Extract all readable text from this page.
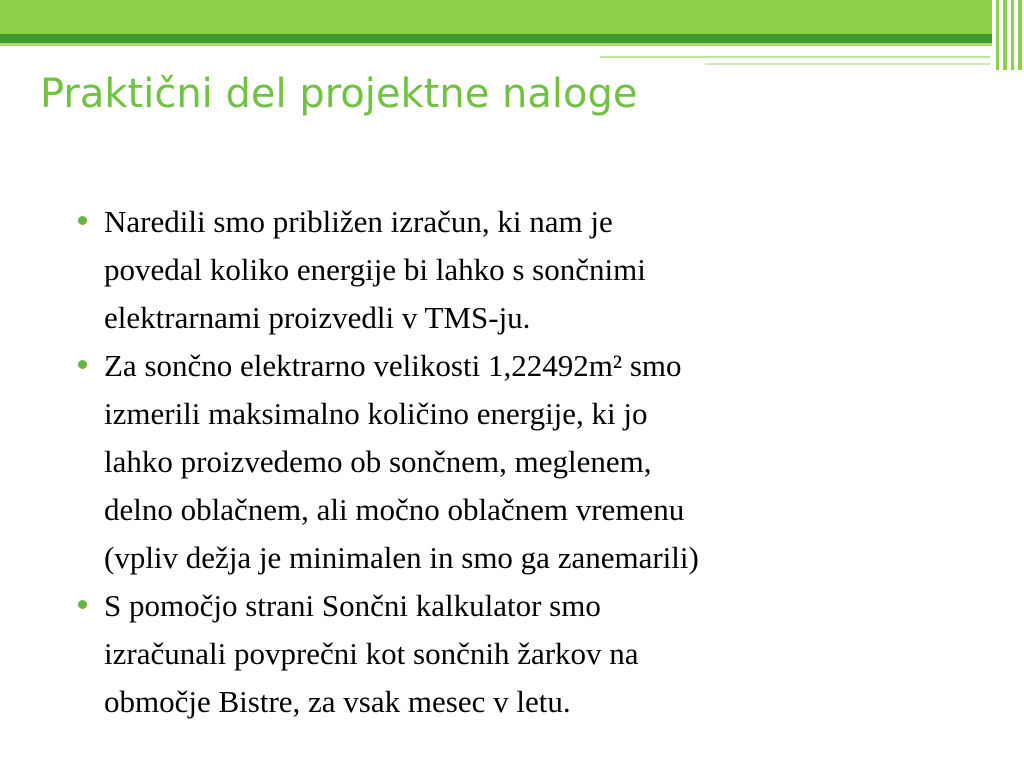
Praktični del projektne naloge
Naredili smo približen izračun, ki nam je
povedal koliko energije bi lahko s sončnimi
elektrarnami proizvedli v TMS-ju.
Za sončno elektrarno velikosti 1,22492m² smo
izmerili maksimalno količino energije, ki jo
lahko proizvedemo ob sončnem, meglenem,
delno oblačnem, ali močno oblačnem vremenu
(vpliv dežja je minimalen in smo ga zanemarili)
S pomočjo strani Sončni kalkulator smo
izračunali povprečni kot sončnih žarkov na
območje Bistre, za vsak mesec v letu.
